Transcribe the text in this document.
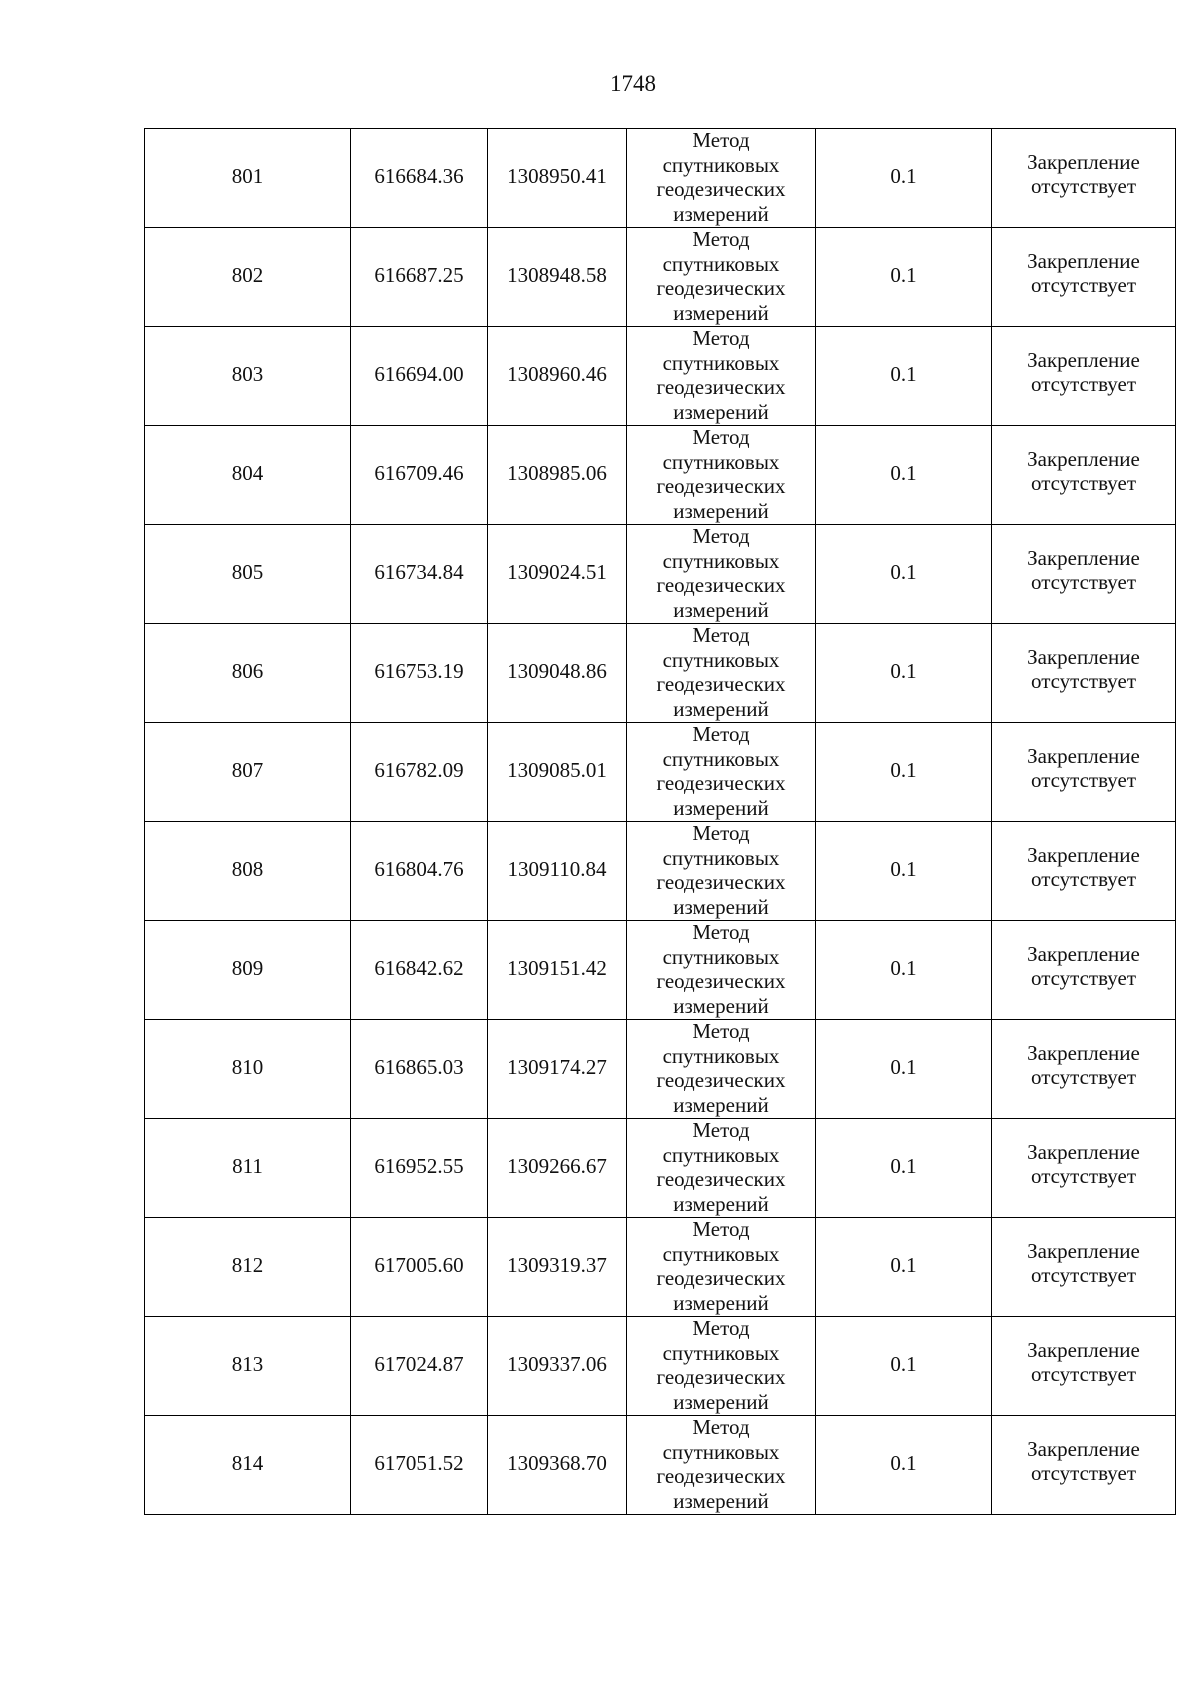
1748
801	616684.36	1308950.41	Метод
спутниковых
геодезических
измерений	0.1	Закрепление
отсутствует

802	616687.25	1308948.58	Метод
спутниковых
геодезических
измерений	0.1	Закрепление
отсутствует

803	616694.00	1308960.46	Метод
спутниковых
геодезических
измерений	0.1	Закрепление
отсутствует

804	616709.46	1308985.06	Метод
спутниковых
геодезических
измерений	0.1	Закрепление
отсутствует

805	616734.84	1309024.51	Метод
спутниковых
геодезических
измерений	0.1	Закрепление
отсутствует

806	616753.19	1309048.86	Метод
спутниковых
геодезических
измерений	0.1	Закрепление
отсутствует

807	616782.09	1309085.01	Метод
спутниковых
геодезических
измерений	0.1	Закрепление
отсутствует

808	616804.76	1309110.84	Метод
спутниковых
геодезических
измерений	0.1	Закрепление
отсутствует

809	616842.62	1309151.42	Метод
спутниковых
геодезических
измерений	0.1	Закрепление
отсутствует

810	616865.03	1309174.27	Метод
спутниковых
геодезических
измерений	0.1	Закрепление
отсутствует

811	616952.55	1309266.67	Метод
спутниковых
геодезических
измерений	0.1	Закрепление
отсутствует

812	617005.60	1309319.37	Метод
спутниковых
геодезических
измерений	0.1	Закрепление
отсутствует

813	617024.87	1309337.06	Метод
спутниковых
геодезических
измерений	0.1	Закрепление
отсутствует

814	617051.52	1309368.70	Метод
спутниковых
геодезических
измерений	0.1	Закрепление
отсутствует
